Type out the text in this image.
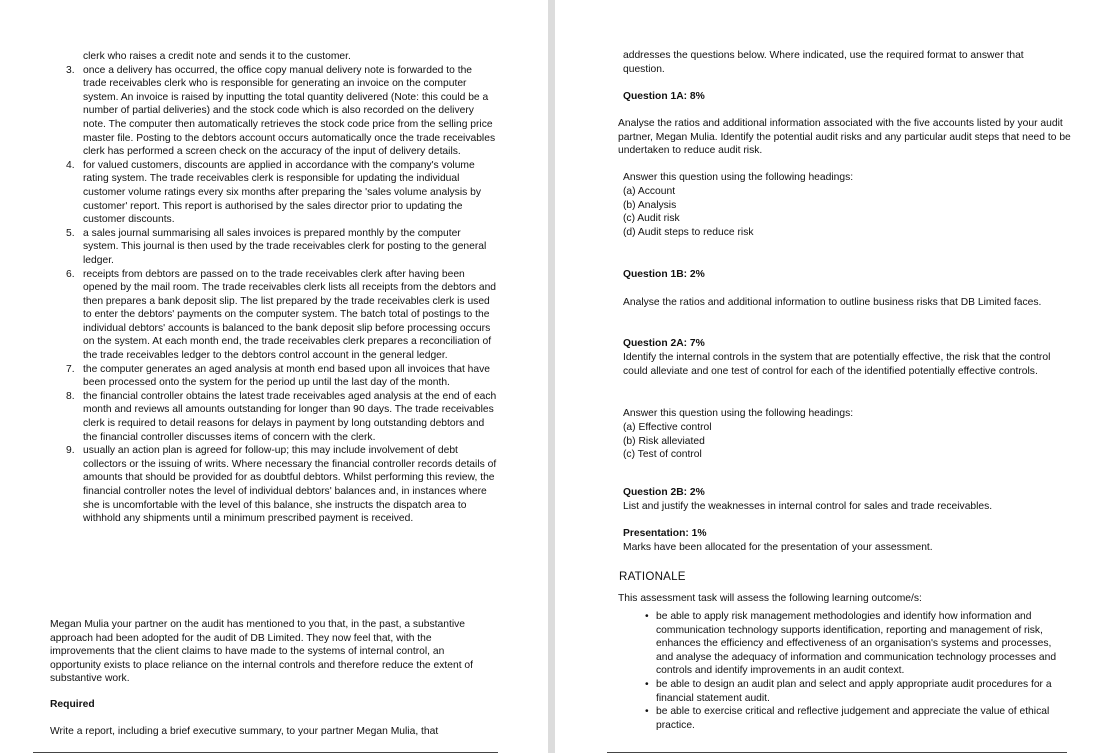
clerk who raises a credit note and sends it to the customer.
3. once a delivery has occurred, the office copy manual delivery note is forwarded to the trade receivables clerk who is responsible for generating an invoice on the computer system. An invoice is raised by inputting the total quantity delivered (Note: this could be a number of partial deliveries) and the stock code which is also recorded on the delivery note. The computer then automatically retrieves the stock code price from the selling price master file. Posting to the debtors account occurs automatically once the trade receivables clerk has performed a screen check on the accuracy of the input of delivery details.
4. for valued customers, discounts are applied in accordance with the company's volume rating system. The trade receivables clerk is responsible for updating the individual customer volume ratings every six months after preparing the 'sales volume analysis by customer' report. This report is authorised by the sales director prior to updating the customer discounts.
5. a sales journal summarising all sales invoices is prepared monthly by the computer system. This journal is then used by the trade receivables clerk for posting to the general ledger.
6. receipts from debtors are passed on to the trade receivables clerk after having been opened by the mail room. The trade receivables clerk lists all receipts from the debtors and then prepares a bank deposit slip. The list prepared by the trade receivables clerk is used to enter the debtors' payments on the computer system. The batch total of postings to the individual debtors' accounts is balanced to the bank deposit slip before processing occurs on the system. At each month end, the trade receivables clerk prepares a reconciliation of the trade receivables ledger to the debtors control account in the general ledger.
7. the computer generates an aged analysis at month end based upon all invoices that have been processed onto the system for the period up until the last day of the month.
8. the financial controller obtains the latest trade receivables aged analysis at the end of each month and reviews all amounts outstanding for longer than 90 days. The trade receivables clerk is required to detail reasons for delays in payment by long outstanding debtors and the financial controller discusses items of concern with the clerk.
9. usually an action plan is agreed for follow-up; this may include involvement of debt collectors or the issuing of writs. Where necessary the financial controller records details of amounts that should be provided for as doubtful debtors. Whilst performing this review, the financial controller notes the level of individual debtors' balances and, in instances where she is uncomfortable with the level of this balance, she instructs the dispatch area to withhold any shipments until a minimum prescribed payment is received.
Megan Mulia your partner on the audit has mentioned to you that, in the past, a substantive approach had been adopted for the audit of DB Limited. They now feel that, with the improvements that the client claims to have made to the systems of internal control, an opportunity exists to place reliance on the internal controls and therefore reduce the extent of substantive work.
Required
Write a report, including a brief executive summary, to your partner Megan Mulia, that
addresses the questions below. Where indicated, use the required format to answer that question.
Question 1A: 8%
Analyse the ratios and additional information associated with the five accounts listed by your audit partner, Megan Mulia. Identify the potential audit risks and any particular audit steps that need to be undertaken to reduce audit risk.
Answer this question using the following headings:
(a) Account
(b) Analysis
(c) Audit risk
(d) Audit steps to reduce risk
Question 1B: 2%
Analyse the ratios and additional information to outline business risks that DB Limited faces.
Question 2A: 7%
Identify the internal controls in the system that are potentially effective, the risk that the control could alleviate and one test of control for each of the identified potentially effective controls.
Answer this question using the following headings:
(a) Effective control
(b) Risk alleviated
(c) Test of control
Question 2B: 2%
List and justify the weaknesses in internal control for sales and trade receivables.
Presentation: 1%
Marks have been allocated for the presentation of your assessment.
RATIONALE
This assessment task will assess the following learning outcome/s:
• be able to apply risk management methodologies and identify how information and communication technology supports identification, reporting and management of risk, enhances the efficiency and effectiveness of an organisation's systems and processes, and analyse the adequacy of information and communication technology processes and controls and identify improvements in an audit context.
• be able to design an audit plan and select and apply appropriate audit procedures for a financial statement audit.
• be able to exercise critical and reflective judgement and appreciate the value of ethical practice.
